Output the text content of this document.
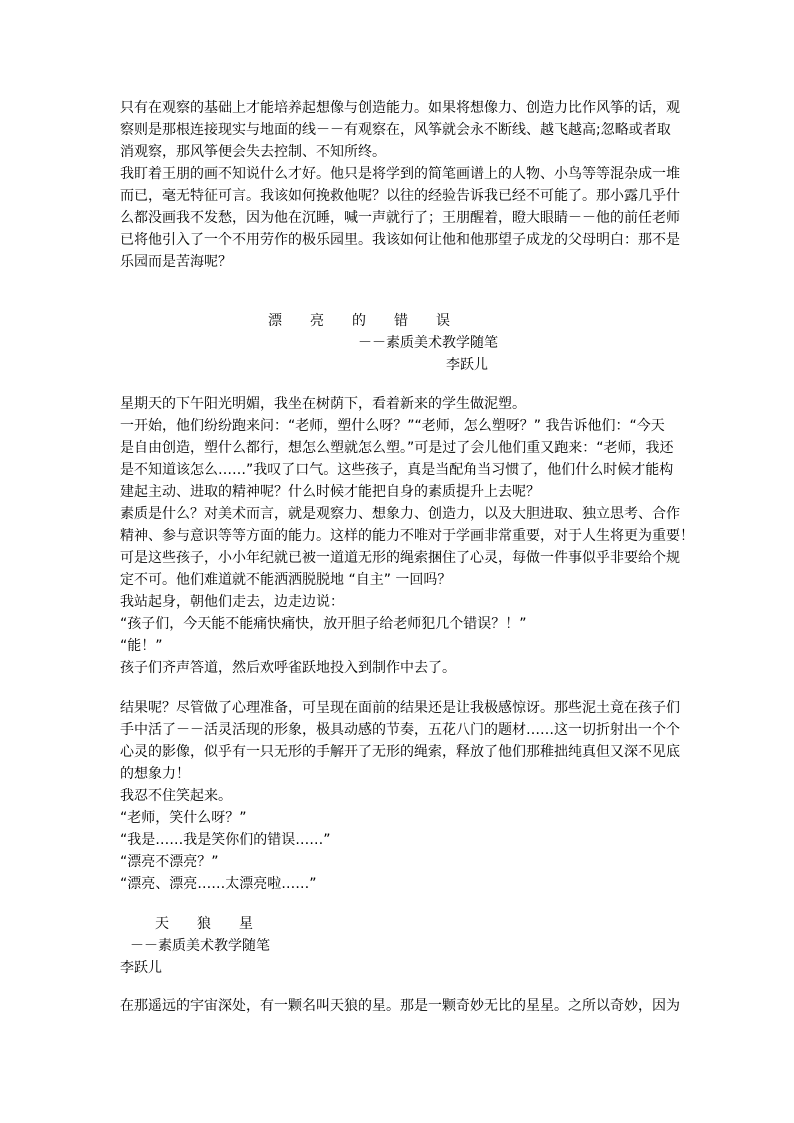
只有在观察的基础上才能培养起想像与创造能力。如果将想像力、创造力比作风筝的话，观
察则是那根连接现实与地面的线－－有观察在，风筝就会永不断线、越飞越高;忽略或者取
消观察，那风筝便会失去控制、不知所终。
我盯着王朋的画不知说什么才好。他只是将学到的简笔画谱上的人物、小鸟等等混杂成一堆
而已，毫无特征可言。我该如何挽救他呢？以往的经验告诉我已经不可能了。那小露几乎什
么都没画我不发愁，因为他在沉睡，喊一声就行了；王朋醒着，瞪大眼睛－－他的前任老师
已将他引入了一个不用劳作的极乐园里。我该如何让他和他那望子成龙的父母明白：那不是
乐园而是苦海呢？
漂　　亮　　的　　错　　误
－－素质美术教学随笔
李跃儿
星期天的下午阳光明媚，我坐在树荫下，看着新来的学生做泥塑。
一开始，他们纷纷跑来问：“老师，塑什么呀？”“老师，怎么塑呀？” 我告诉他们：“今天
是自由创造，塑什么都行，想怎么塑就怎么塑。”可是过了会儿他们重又跑来：“老师，我还
是不知道该怎么……”我叹了口气。这些孩子，真是当配角当习惯了，他们什么时候才能构
建起主动、进取的精神呢？什么时候才能把自身的素质提升上去呢？
素质是什么？对美术而言，就是观察力、想象力、创造力，以及大胆进取、独立思考、合作
精神、参与意识等等方面的能力。这样的能力不唯对于学画非常重要，对于人生将更为重要！
可是这些孩子，小小年纪就已被一道道无形的绳索捆住了心灵，每做一件事似乎非要给个规
定不可。他们难道就不能洒洒脱脱地 “自主” 一回吗？
我站起身，朝他们走去，边走边说：
“孩子们，今天能不能痛快痛快，放开胆子给老师犯几个错误？！”
“能！”
孩子们齐声答道，然后欢呼雀跃地投入到制作中去了。
结果呢？尽管做了心理准备，可呈现在面前的结果还是让我极感惊讶。那些泥土竟在孩子们
手中活了－－活灵活现的形象，极具动感的节奏，五花八门的题材……这一切折射出一个个
心灵的影像，似乎有一只无形的手解开了无形的绳索，释放了他们那稚拙纯真但又深不见底
的想象力！
我忍不住笑起来。
“老师，笑什么呀？”
“我是……我是笑你们的错误……”
“漂亮不漂亮？”
“漂亮、漂亮……太漂亮啦……”
天　　狼　　星
－－素质美术教学随笔
李跃儿
在那遥远的宇宙深处，有一颗名叫天狼的星。那是一颗奇妙无比的星星。之所以奇妙，因为
